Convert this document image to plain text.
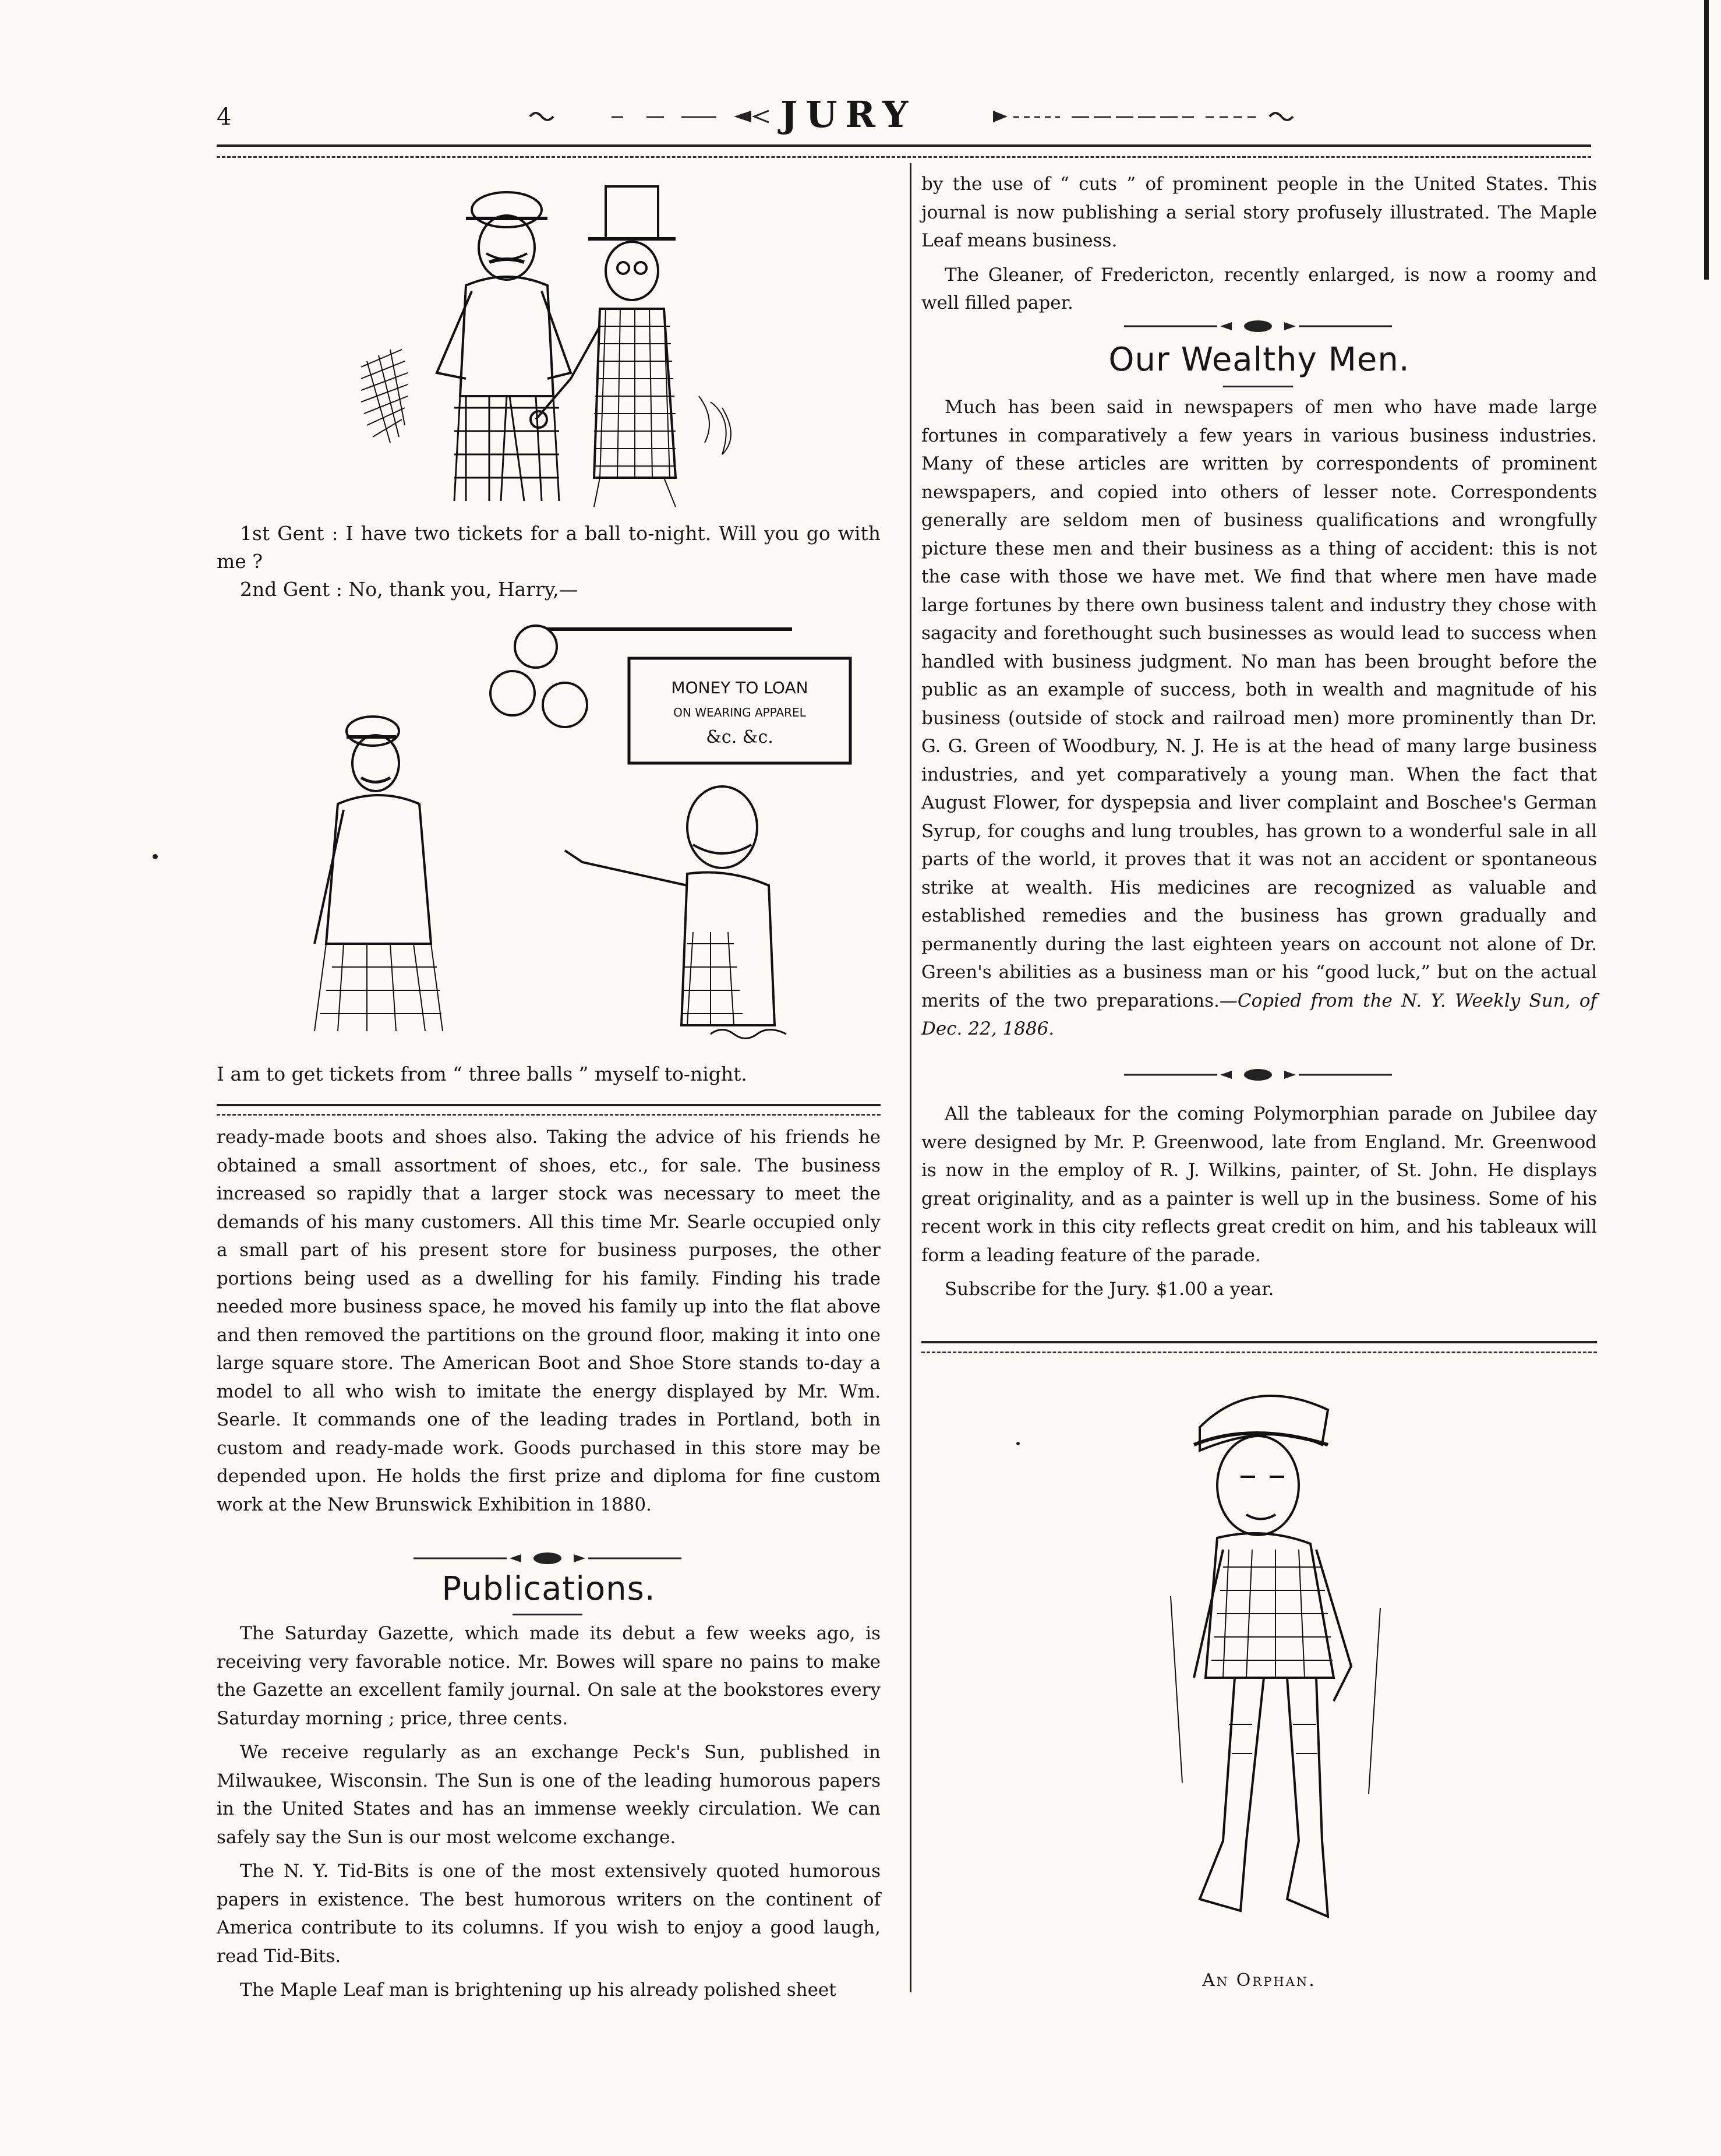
4	JURY
1st Gent : I have two tickets for a ball to-night. Will you go with me ?
2nd Gent : No, thank you, Harry,—
MONEY TO LOAN
ON WEARING APPAREL
&c. &c.
I am to get tickets from “ three balls ” myself to-night.

ready-made boots and shoes also. Taking the advice of his friends he obtained a small assortment of shoes, etc., for sale. The business increased so rapidly that a larger stock was necessary to meet the demands of his many customers. All this time Mr. Searle occupied only a small part of his present store for business purposes, the other portions being used as a dwelling for his family. Finding his trade needed more business space, he moved his family up into the flat above and then removed the partitions on the ground floor, making it into one large square store. The American Boot and Shoe Store stands to-day a model to all who wish to imitate the energy displayed by Mr. Wm. Searle. It commands one of the leading trades in Portland, both in custom and ready-made work. Goods purchased in this store may be depended upon. He holds the first prize and diploma for fine custom work at the New Brunswick Exhibition in 1880.

Publications.

The Saturday Gazette, which made its debut a few weeks ago, is receiving very favorable notice. Mr. Bowes will spare no pains to make the Gazette an excellent family journal. On sale at the bookstores every Saturday morning ; price, three cents.

We receive regularly as an exchange Peck's Sun, published in Milwaukee, Wisconsin. The Sun is one of the leading humorous papers in the United States and has an immense weekly circulation. We can safely say the Sun is our most welcome exchange.

The N. Y. Tid-Bits is one of the most extensively quoted humorous papers in existence. The best humorous writers on the continent of America contribute to its columns. If you wish to enjoy a good laugh, read Tid-Bits.

The Maple Leaf man is brightening up his already polished sheet

by the use of “ cuts ” of prominent people in the United States. This journal is now publishing a serial story profusely illustrated. The Maple Leaf means business.

The Gleaner, of Fredericton, recently enlarged, is now a roomy and well filled paper.

Our Wealthy Men.

Much has been said in newspapers of men who have made large fortunes in comparatively a few years in various business industries. Many of these articles are written by correspondents of prominent newspapers, and copied into others of lesser note. Correspondents generally are seldom men of business qualifications and wrongfully picture these men and their business as a thing of accident: this is not the case with those we have met. We find that where men have made large fortunes by there own business talent and industry they chose with sagacity and forethought such businesses as would lead to success when handled with business judgment. No man has been brought before the public as an example of success, both in wealth and magnitude of his business (outside of stock and railroad men) more prominently than Dr. G. G. Green of Woodbury, N. J. He is at the head of many large business industries, and yet comparatively a young man. When the fact that August Flower, for dyspepsia and liver complaint and Boschee's German Syrup, for coughs and lung troubles, has grown to a wonderful sale in all parts of the world, it proves that it was not an accident or spontaneous strike at wealth. His medicines are recognized as valuable and established remedies and the business has grown gradually and permanently during the last eighteen years on account not alone of Dr. Green's abilities as a business man or his “good luck,” but on the actual merits of the two preparations.—Copied from the N. Y. Weekly Sun, of Dec. 22, 1886.

All the tableaux for the coming Polymorphian parade on Jubilee day were designed by Mr. P. Greenwood, late from England. Mr. Greenwood is now in the employ of R. J. Wilkins, painter, of St. John. He displays great originality, and as a painter is well up in the business. Some of his recent work in this city reflects great credit on him, and his tableaux will form a leading feature of the parade.

Subscribe for the Jury. $1.00 a year.

An Orphan.
